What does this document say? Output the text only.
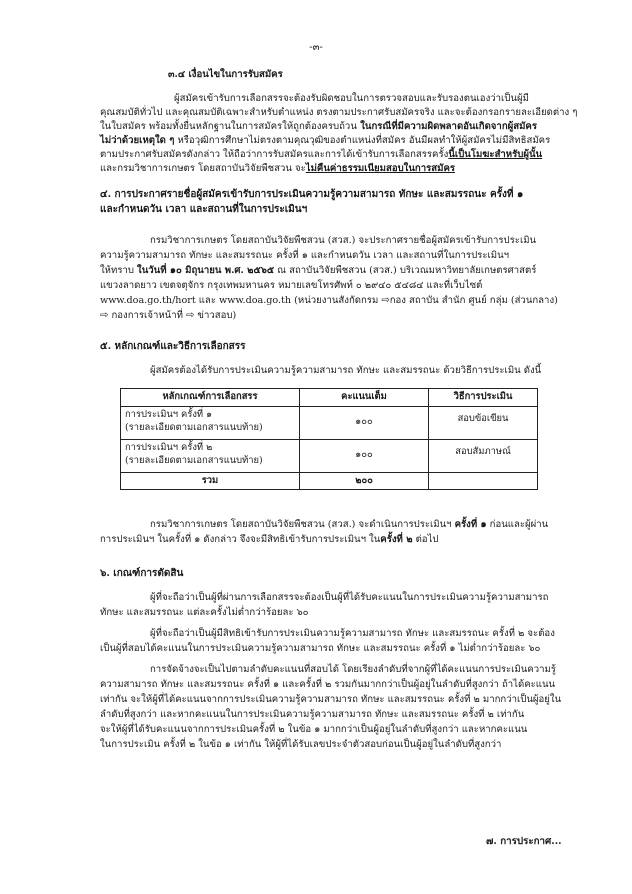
-๓-
๓.๔ เงื่อนไขในการรับสมัคร
ผู้สมัครเข้ารับการเลือกสรรจะต้องรับผิดชอบในการตรวจสอบและรับรองตนเองว่าเป็นผู้มี
คุณสมบัติทั่วไป และคุณสมบัติเฉพาะสำหรับตำแหน่ง ตรงตามประกาศรับสมัครจริง และจะต้องกรอกรายละเอียดต่าง ๆ
ในใบสมัคร พร้อมทั้งยื่นหลักฐานในการสมัครให้ถูกต้องครบถ้วน ในกรณีที่มีความผิดพลาดอันเกิดจากผู้สมัคร
ไม่ว่าด้วยเหตุใด ๆ หรือวุฒิการศึกษาไม่ตรงตามคุณวุฒิของตำแหน่งที่สมัคร อันมีผลทำให้ผู้สมัครไม่มีสิทธิสมัคร
ตามประกาศรับสมัครดังกล่าว ให้ถือว่าการรับสมัครและการได้เข้ารับการเลือกสรรครั้งนี้เป็นโมฆะสำหรับผู้นั้น
และกรมวิชาการเกษตร โดยสถาบันวิจัยพืชสวน จะไม่คืนค่าธรรมเนียมสอบในการสมัคร
๔. การประกาศรายชื่อผู้สมัครเข้ารับการประเมินความรู้ความสามารถ ทักษะ และสมรรถนะ ครั้งที่ ๑
และกำหนดวัน เวลา และสถานที่ในการประเมินฯ
กรมวิชาการเกษตร โดยสถาบันวิจัยพืชสวน (สวส.) จะประกาศรายชื่อผู้สมัครเข้ารับการประเมิน
ความรู้ความสามารถ ทักษะ และสมรรถนะ ครั้งที่ ๑ และกำหนดวัน เวลา และสถานที่ในการประเมินฯ
ให้ทราบ ในวันที่ ๑๐ มิถุนายน พ.ศ. ๒๕๖๕ ณ สถาบันวิจัยพืชสวน (สวส.) บริเวณมหาวิทยาลัยเกษตรศาสตร์
แขวงลาดยาว เขตจตุจักร กรุงเทพมหานคร หมายเลขโทรศัพท์ ๐ ๒๙๔๐ ๕๔๘๔ และที่เว็บไซต์
www.doa.go.th/hort และ www.doa.go.th (หน่วยงานสังกัดกรม ⇨กอง สถาบัน สำนัก ศูนย์ กลุ่ม (ส่วนกลาง)
⇨ กองการเจ้าหน้าที่ ⇨ ข่าวสอบ)
๕. หลักเกณฑ์และวิธีการเลือกสรร
ผู้สมัครต้องได้รับการประเมินความรู้ความสามารถ ทักษะ และสมรรถนะ ด้วยวิธีการประเมิน ดังนี้
หลักเกณฑ์การเลือกสรร	คะแนนเต็ม	วิธีการประเมิน

การประเมินฯ ครั้งที่ ๑
(รายละเอียดตามเอกสารแนบท้าย)	๑๐๐	สอบข้อเขียน

การประเมินฯ ครั้งที่ ๒
(รายละเอียดตามเอกสารแนบท้าย)	๑๐๐	สอบสัมภาษณ์
รวม	๒๐๐	
กรมวิชาการเกษตร โดยสถาบันวิจัยพืชสวน (สวส.) จะดำเนินการประเมินฯ ครั้งที่ ๑ ก่อนและผู้ผ่าน
การประเมินฯ ในครั้งที่ ๑ ดังกล่าว จึงจะมีสิทธิเข้ารับการประเมินฯ ในครั้งที่ ๒ ต่อไป
๖. เกณฑ์การตัดสิน
ผู้ที่จะถือว่าเป็นผู้ที่ผ่านการเลือกสรรจะต้องเป็นผู้ที่ได้รับคะแนนในการประเมินความรู้ความสามารถ
ทักษะ และสมรรถนะ แต่ละครั้งไม่ต่ำกว่าร้อยละ ๖๐
ผู้ที่จะถือว่าเป็นผู้มีสิทธิเข้ารับการประเมินความรู้ความสามารถ ทักษะ และสมรรถนะ ครั้งที่ ๒ จะต้อง
เป็นผู้ที่สอบได้คะแนนในการประเมินความรู้ความสามารถ ทักษะ และสมรรถนะ ครั้งที่ ๑ ไม่ต่ำกว่าร้อยละ ๖๐
การจัดจ้างจะเป็นไปตามลำดับคะแนนที่สอบได้ โดยเรียงลำดับที่จากผู้ที่ได้คะแนนการประเมินความรู้
ความสามารถ ทักษะ และสมรรถนะ ครั้งที่ ๑ และครั้งที่ ๒ รวมกันมากกว่าเป็นผู้อยู่ในลำดับที่สูงกว่า ถ้าได้คะแนน
เท่ากัน จะให้ผู้ที่ได้คะแนนจากการประเมินความรู้ความสามารถ ทักษะ และสมรรถนะ ครั้งที่ ๒ มากกว่าเป็นผู้อยู่ใน
ลำดับที่สูงกว่า และหากคะแนนในการประเมินความรู้ความสามารถ ทักษะ และสมรรถนะ ครั้งที่ ๒ เท่ากัน
จะให้ผู้ที่ได้รับคะแนนจากการประเมินครั้งที่ ๒ ในข้อ ๑ มากกว่าเป็นผู้อยู่ในลำดับที่สูงกว่า และหากคะแนน
ในการประเมิน ครั้งที่ ๒ ในข้อ ๑ เท่ากัน ให้ผู้ที่ได้รับเลขประจำตัวสอบก่อนเป็นผู้อยู่ในลำดับที่สูงกว่า
๗. การประกาศ...
